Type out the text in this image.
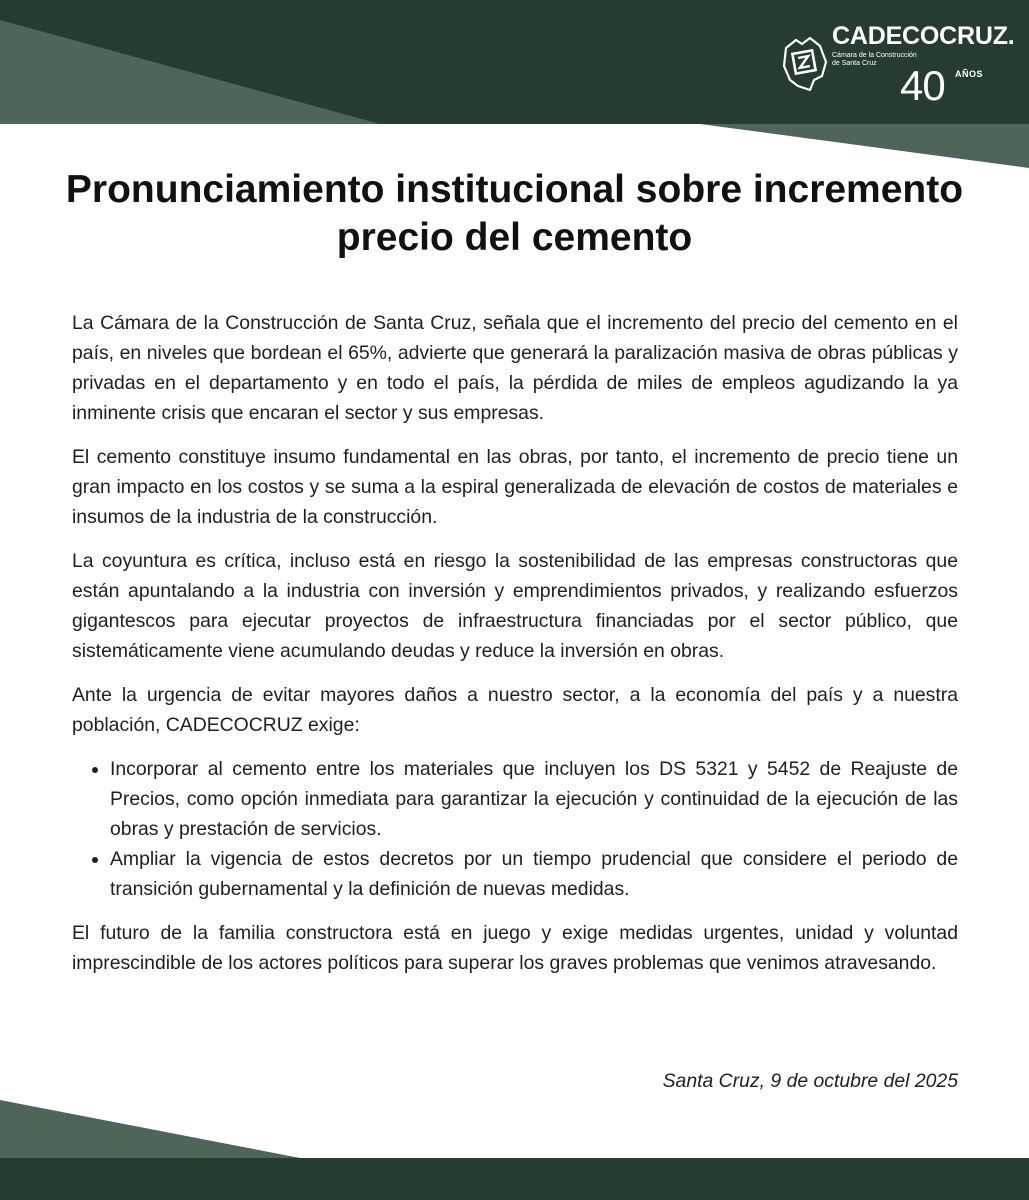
CADECOCRUZ.

Cámara de la Construcción de Santa Cruz 40 AÑOS

Pronunciamiento institucional sobre incremento precio del cemento

La Cámara de la Construcción de Santa Cruz, señala que el incremento del precio del cemento en el país, en niveles que bordean el 65%, advierte que generará la paralización masiva de obras públicas y privadas en el departamento y en todo el país, la pérdida de miles de empleos agudizando la ya inminente crisis que encaran el sector y sus empresas.

El cemento constituye insumo fundamental en las obras, por tanto, el incremento de precio tiene un gran impacto en los costos y se suma a la espiral generalizada de elevación de costos de materiales e insumos de la industria de la construcción.

La coyuntura es crítica, incluso está en riesgo la sostenibilidad de las empresas constructoras que están apuntalando a la industria con inversión y emprendimientos privados, y realizando esfuerzos gigantescos para ejecutar proyectos de infraestructura financiadas por el sector público, que sistemáticamente viene acumulando deudas y reduce la inversión en obras.

Ante la urgencia de evitar mayores daños a nuestro sector, a la economía del país y a nuestra población, CADECOCRUZ exige:

• Incorporar al cemento entre los materiales que incluyen los DS 5321 y 5452 de Reajuste de Precios, como opción inmediata para garantizar la ejecución y continuidad de la ejecución de las obras y prestación de servicios.
• Ampliar la vigencia de estos decretos por un tiempo prudencial que considere el periodo de transición gubernamental y la definición de nuevas medidas.

El futuro de la familia constructora está en juego y exige medidas urgentes, unidad y voluntad imprescindible de los actores políticos para superar los graves problemas que venimos atravesando.

Santa Cruz, 9 de octubre del 2025
